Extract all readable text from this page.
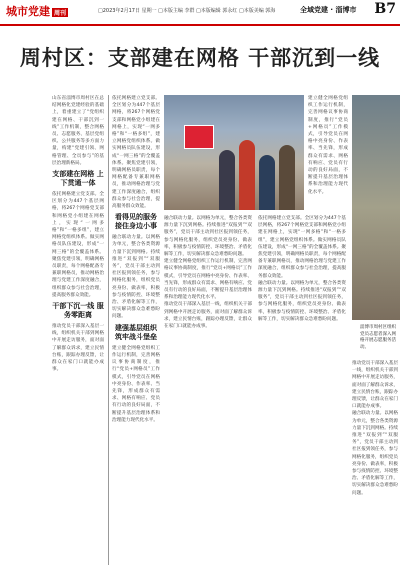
城市党建 周刊	□2023年2月17日 星期一 □本版主编 李群 □本版编辑 郭永红 □本版美编 郭海	全域党建 · 淄博市 B7
周村区：支部建在网格 干部沉到一线
山东省淄博市周村区在总结网格化党建经验的基础上，着重建立了“党组织建在网格、干部沉到一线”工作机制，整合网格员、志愿服务、基层党组织、公共服务等多方面力量，构建“党建引领、网格管理、全员参与”的基层治理新格局。
支部建在网格 上下贯通一体
依托网格建立党支部。全区划分为447个基层网格，将267个网格党支部和网格党小组建在网格上，实现“一网多格”和“一格多组”，建立网格党组织体系。做实网格员队伍建设，形成“一网三格”的全覆盖体系。聚焦党建引领，明确网格员职责，每个网格配备专兼职网格员，推动网格治理与党建工作深度融合，组织群众参与社会治理，提高服务群众效能。
干部下沉一线 服务零距离
推动党员干部深入基层一线，组织机关干部到网格中开展走访服务，面对面了解群众诉求，建立民情台账，跟踪办理反馈，让群众在家门口就能办成事。
依托网格建立党支部。全区划分为447个基层网格，将267个网格党支部和网格党小组建在网格上，实现“一网多格”和“一格多组”，建立网格党组织体系。做实网格员队伍建设，形成“一网三格”的全覆盖体系。聚焦党建引领，明确网格员职责，每个网格配备专兼职网格员，推动网格治理与党建工作深度融合，组织群众参与社会治理，提高服务群众效能。
看得见的服务 接住身边小事
融合联动力量。以网格为单元，整合各类资源力量下沉到网格。持续推进“双报到”“双服务”，党员干部主动到社区报到领任务，参与网格化服务，组织党员亮身份、做表率，积极参与疫情防控、环境整治、矛盾化解等工作，切实解决群众急难愁盼问题。
建强基层组织 筑牢战斗堡垒
建立健全网格党组织工作运行机制，完善网格议事协商制度，推行“党员+网格员”工作模式，引导党员在网格中亮身份、作表率、当先锋，形成群众有需求、网格有响应、党员有行动的良好局面，不断提升基层治理体系和治理能力现代化水平。
融合联动力量。以网格为单元，整合各类资源力量下沉到网格。持续推进“双报到”“双服务”，党员干部主动到社区报到领任务，参与网格化服务，组织党员亮身份、做表率，积极参与疫情防控、环境整治、矛盾化解等工作，切实解决群众急难愁盼问题。
建立健全网格党组织工作运行机制，完善网格议事协商制度，推行“党员+网格员”工作模式，引导党员在网格中亮身份、作表率、当先锋，形成群众有需求、网格有响应、党员有行动的良好局面，不断提升基层治理体系和治理能力现代化水平。
推动党员干部深入基层一线，组织机关干部到网格中开展走访服务，面对面了解群众诉求，建立民情台账，跟踪办理反馈，让群众在家门口就能办成事。
依托网格建立党支部。全区划分为447个基层网格，将267个网格党支部和网格党小组建在网格上，实现“一网多格”和“一格多组”，建立网格党组织体系。做实网格员队伍建设，形成“一网三格”的全覆盖体系。聚焦党建引领，明确网格员职责，每个网格配备专兼职网格员，推动网格治理与党建工作深度融合，组织群众参与社会治理，提高服务群众效能。
融合联动力量。以网格为单元，整合各类资源力量下沉到网格。持续推进“双报到”“双服务”，党员干部主动到社区报到领任务，参与网格化服务，组织党员亮身份、做表率，积极参与疫情防控、环境整治、矛盾化解等工作，切实解决群众急难愁盼问题。
建立健全网格党组织工作运行机制，完善网格议事协商制度，推行“党员+网格员”工作模式，引导党员在网格中亮身份、作表率、当先锋，形成群众有需求、网格有响应、党员有行动的良好局面，不断提升基层治理体系和治理能力现代化水平。
淄博市周村区组织党员志愿者深入网格开展志愿服务活动。
推动党员干部深入基层一线，组织机关干部到网格中开展走访服务，面对面了解群众诉求，建立民情台账，跟踪办理反馈，让群众在家门口就能办成事。
融合联动力量。以网格为单元，整合各类资源力量下沉到网格。持续推进“双报到”“双服务”，党员干部主动到社区报到领任务，参与网格化服务，组织党员亮身份、做表率，积极参与疫情防控、环境整治、矛盾化解等工作，切实解决群众急难愁盼问题。
